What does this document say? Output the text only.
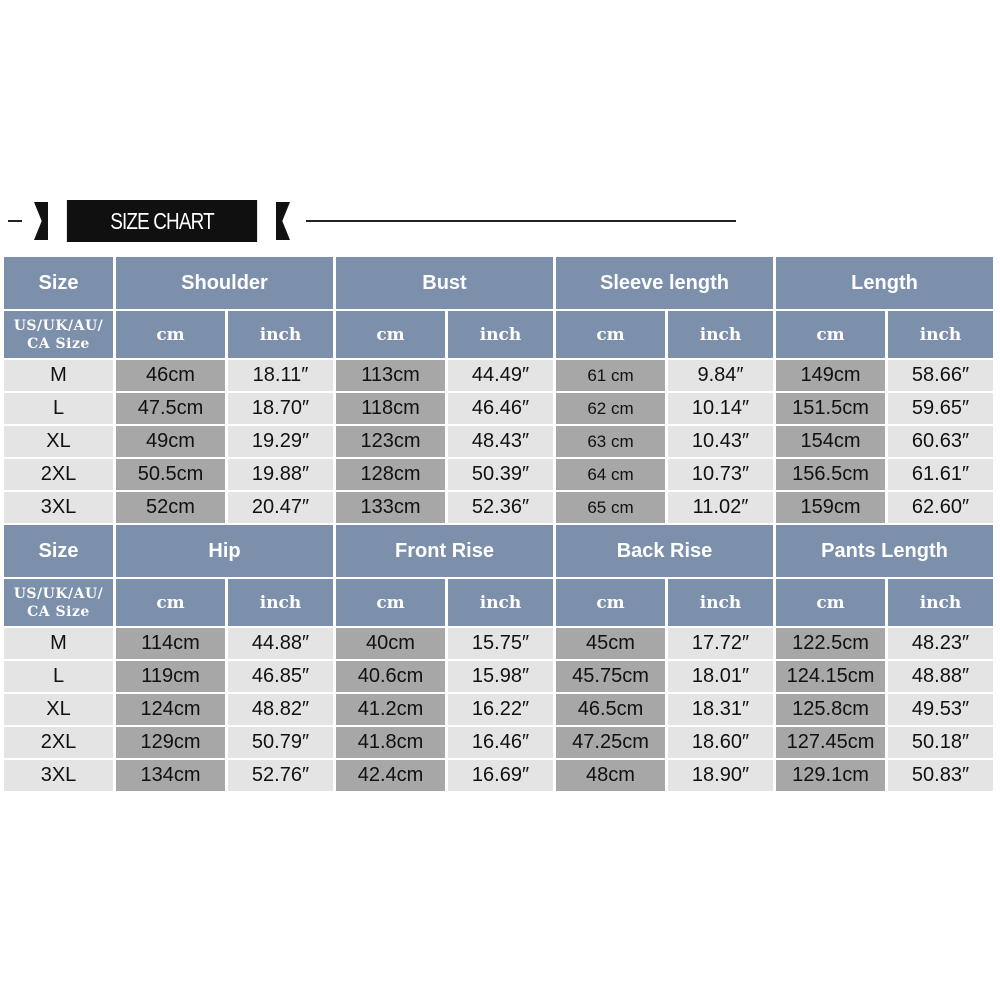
SIZE CHART
Size	Shoulder		Bust		Sleeve length		Length	

US/UK/AU/
CA Size	cm	inch	cm	inch	cm	inch	cm	inch
M	46cm	18.11″	113cm	44.49″	61 cm	9.84″	149cm	58.66″
L	47.5cm	18.70″	118cm	46.46″	62 cm	10.14″	151.5cm	59.65″
XL	49cm	19.29″	123cm	48.43″	63 cm	10.43″	154cm	60.63″
2XL	50.5cm	19.88″	128cm	50.39″	64 cm	10.73″	156.5cm	61.61″
3XL	52cm	20.47″	133cm	52.36″	65 cm	11.02″	159cm	62.60″
Size	Hip		Front Rise		Back Rise		Pants Length	

US/UK/AU/
CA Size	cm	inch	cm	inch	cm	inch	cm	inch
M	114cm	44.88″	40cm	15.75″	45cm	17.72″	122.5cm	48.23″
L	119cm	46.85″	40.6cm	15.98″	45.75cm	18.01″	124.15cm	48.88″
XL	124cm	48.82″	41.2cm	16.22″	46.5cm	18.31″	125.8cm	49.53″
2XL	129cm	50.79″	41.8cm	16.46″	47.25cm	18.60″	127.45cm	50.18″
3XL	134cm	52.76″	42.4cm	16.69″	48cm	18.90″	129.1cm	50.83″
